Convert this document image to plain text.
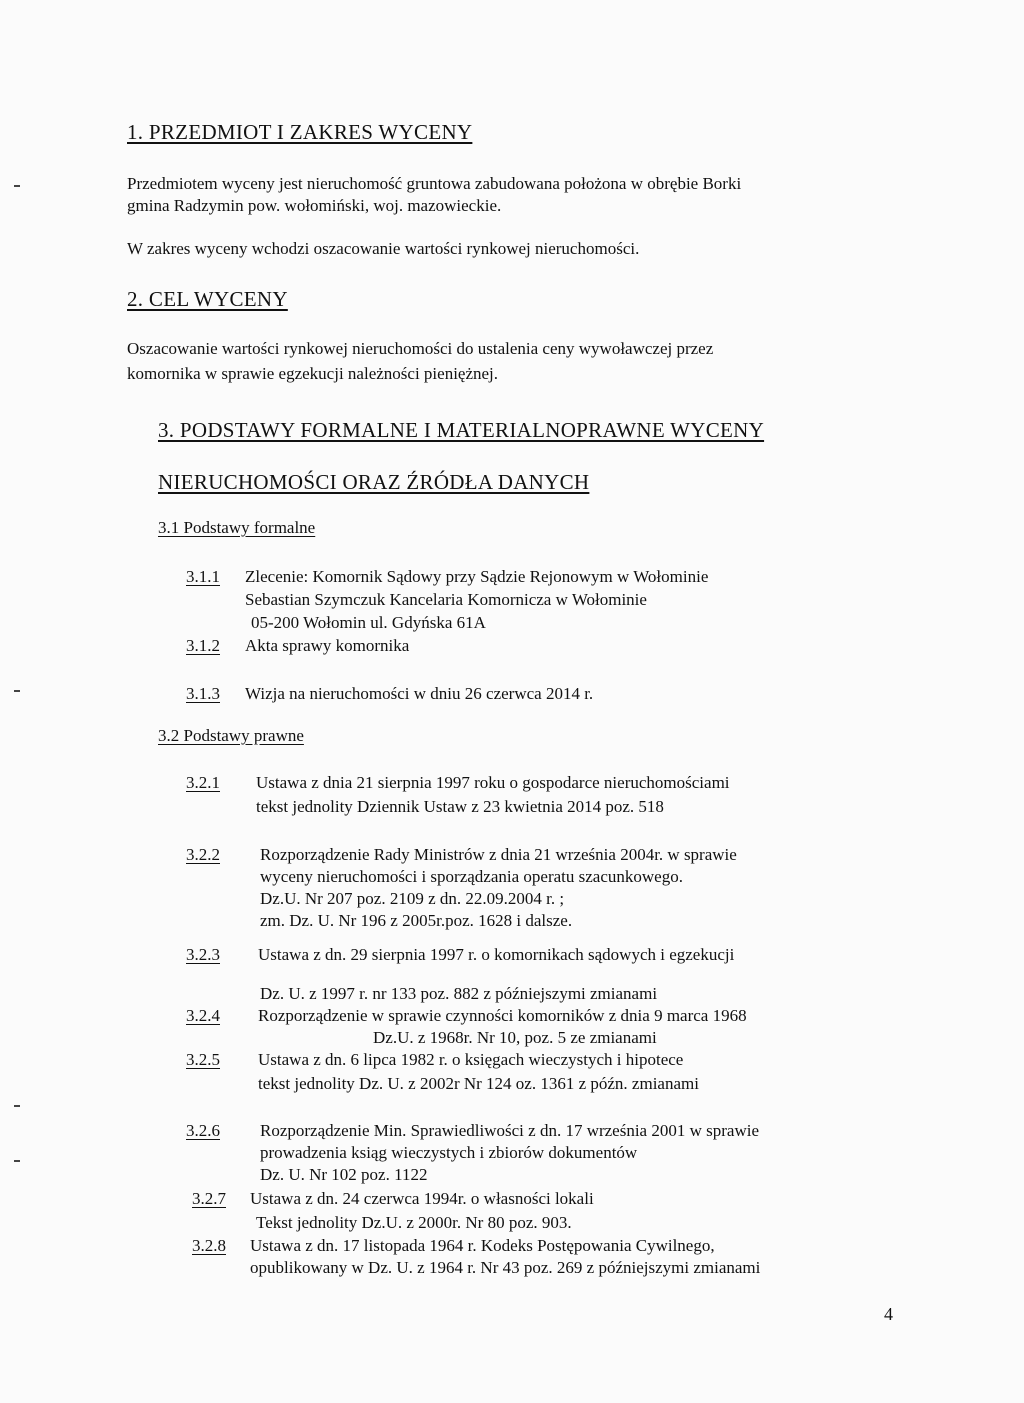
1. PRZEDMIOT I ZAKRES WYCENY
Przedmiotem wyceny jest nieruchomość gruntowa zabudowana położona w obrębie Borki
gmina Radzymin pow. wołomiński, woj. mazowieckie.
W zakres wyceny wchodzi oszacowanie wartości rynkowej nieruchomości.
2. CEL WYCENY
Oszacowanie wartości rynkowej nieruchomości do ustalenia ceny wywoławczej przez
komornika w sprawie egzekucji należności pieniężnej.
3. PODSTAWY FORMALNE I MATERIALNOPRAWNE WYCENY
NIERUCHOMOŚCI ORAZ ŹRÓDŁA DANYCH
3.1 Podstawy formalne
3.1.1 Zlecenie: Komornik Sądowy przy Sądzie Rejonowym w Wołominie
Sebastian Szymczuk Kancelaria Komornicza w Wołominie
05-200 Wołomin ul. Gdyńska 61A
3.1.2 Akta sprawy komornika
3.1.3 Wizja na nieruchomości w dniu 26 czerwca 2014 r.
3.2 Podstawy prawne
3.2.1 Ustawa z dnia 21 sierpnia 1997 roku o gospodarce nieruchomościami
tekst jednolity Dziennik Ustaw z 23 kwietnia 2014 poz. 518
3.2.2 Rozporządzenie Rady Ministrów z dnia 21 września 2004r. w sprawie
wyceny nieruchomości i sporządzania operatu szacunkowego.
Dz.U. Nr 207 poz. 2109 z dn. 22.09.2004 r. ;
zm. Dz. U. Nr 196 z 2005r.poz. 1628 i dalsze.
3.2.3 Ustawa z dn. 29 sierpnia 1997 r. o komornikach sądowych i egzekucji
Dz. U. z 1997 r. nr 133 poz. 882 z późniejszymi zmianami
3.2.4 Rozporządzenie w sprawie czynności komorników z dnia 9 marca 1968
Dz.U. z 1968r. Nr 10, poz. 5 ze zmianami
3.2.5 Ustawa z dn. 6 lipca 1982 r. o księgach wieczystych i hipotece
tekst jednolity Dz. U. z 2002r Nr 124 oz. 1361 z późn. zmianami
3.2.6 Rozporządzenie Min. Sprawiedliwości z dn. 17 września 2001 w sprawie
prowadzenia ksiąg wieczystych i zbiorów dokumentów
Dz. U. Nr 102 poz. 1122
3.2.7 Ustawa z dn. 24 czerwca 1994r. o własności lokali
Tekst jednolity Dz.U. z 2000r. Nr 80 poz. 903.
3.2.8 Ustawa z dn. 17 listopada 1964 r. Kodeks Postępowania Cywilnego,
opublikowany w Dz. U. z 1964 r. Nr 43 poz. 269 z późniejszymi zmianami
4
